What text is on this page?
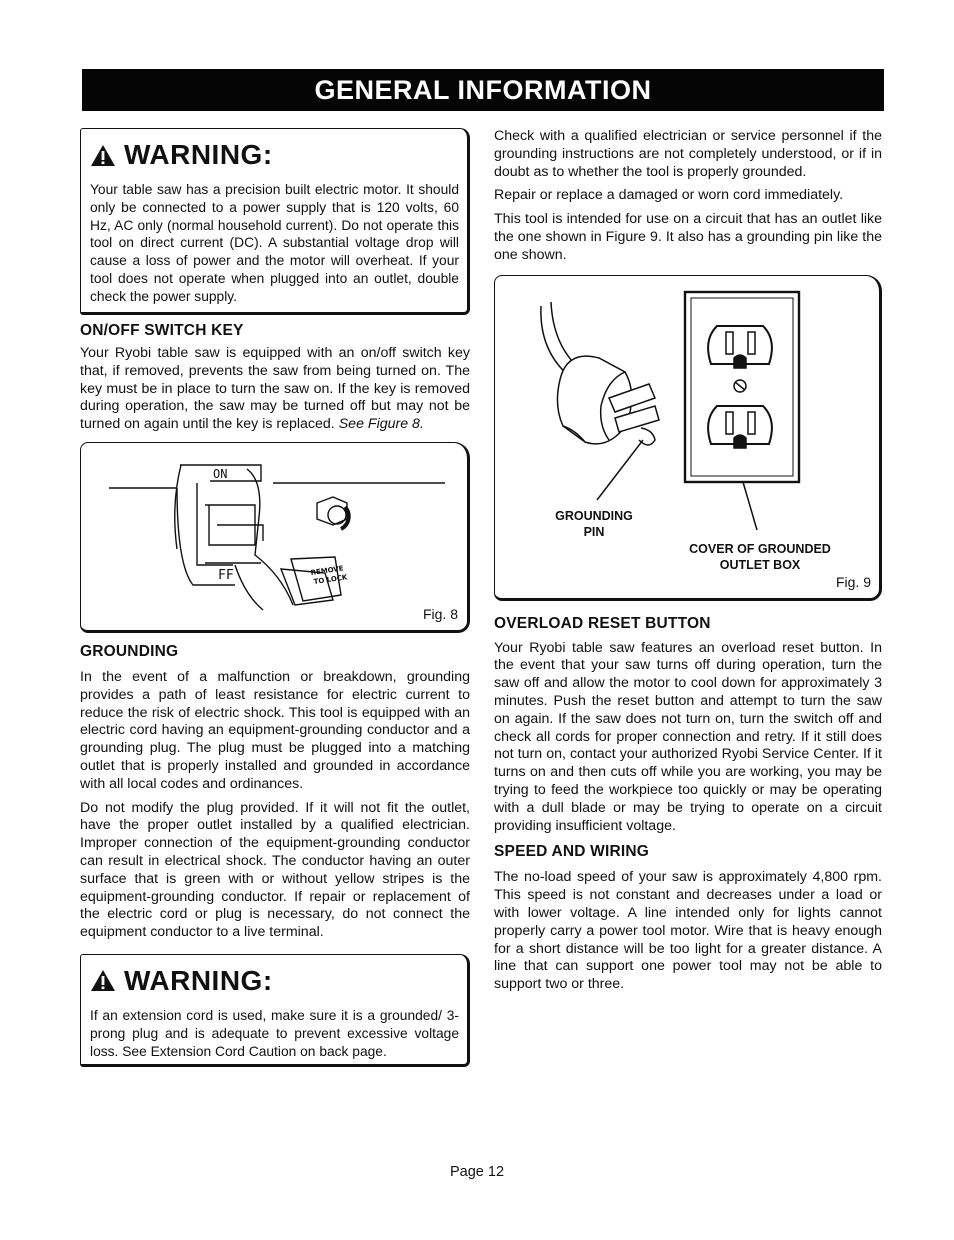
GENERAL INFORMATION
WARNING:

Your table saw has a precision built electric motor. It should only be connected to a power supply that is 120 volts, 60 Hz, AC only (normal household current). Do not operate this tool on direct current (DC). A substantial voltage drop will cause a loss of power and the motor will overheat. If your tool does not operate when plugged into an outlet, double check the power supply.

ON/OFF SWITCH KEY

Your Ryobi table saw is equipped with an on/off switch key that, if removed, prevents the saw from being turned on. The key must be in place to turn the saw on. If the key is removed during operation, the saw may be turned off but may not be turned on again until the key is replaced. See Figure 8.

ON
FF	REMOVE
TO LOCK
Fig. 8
GROUNDING

In the event of a malfunction or breakdown, grounding provides a path of least resistance for electric current to reduce the risk of electric shock. This tool is equipped with an electric cord having an equipment-grounding conductor and a grounding plug. The plug must be plugged into a matching outlet that is properly installed and grounded in accordance with all local codes and ordinances.

Do not modify the plug provided. If it will not fit the outlet, have the proper outlet installed by a qualified electrician. Improper connection of the equipment-grounding conductor can result in electrical shock. The conductor having an outer surface that is green with or without yellow stripes is the equipment-grounding conductor. If repair or replacement of the electric cord or plug is necessary, do not connect the equipment conductor to a live terminal.

WARNING:

If an extension cord is used, make sure it is a grounded/ 3-prong plug and is adequate to prevent excessive voltage loss. See Extension Cord Caution on back page.

Check with a qualified electrician or service personnel if the grounding instructions are not completely understood, or if in doubt as to whether the tool is properly grounded.

Repair or replace a damaged or worn cord immediately.

This tool is intended for use on a circuit that has an outlet like the one shown in Figure 9. It also has a grounding pin like the one shown.

GROUNDING
PIN
COVER OF GROUNDED
OUTLET BOX
Fig. 9
OVERLOAD RESET BUTTON

Your Ryobi table saw features an overload reset button. In the event that your saw turns off during operation, turn the saw off and allow the motor to cool down for approximately 3 minutes. Push the reset button and attempt to turn the saw on again. If the saw does not turn on, turn the switch off and check all cords for proper connection and retry. If it still does not turn on, contact your authorized Ryobi Service Center. If it turns on and then cuts off while you are working, you may be trying to feed the workpiece too quickly or may be operating with a dull blade or may be trying to operate on a circuit providing insufficient voltage.

SPEED AND WIRING

The no-load speed of your saw is approximately 4,800 rpm. This speed is not constant and decreases under a load or with lower voltage. A line intended only for lights cannot properly carry a power tool motor. Wire that is heavy enough for a short distance will be too light for a greater distance. A line that can support one power tool may not be able to support two or three.

Page 12
